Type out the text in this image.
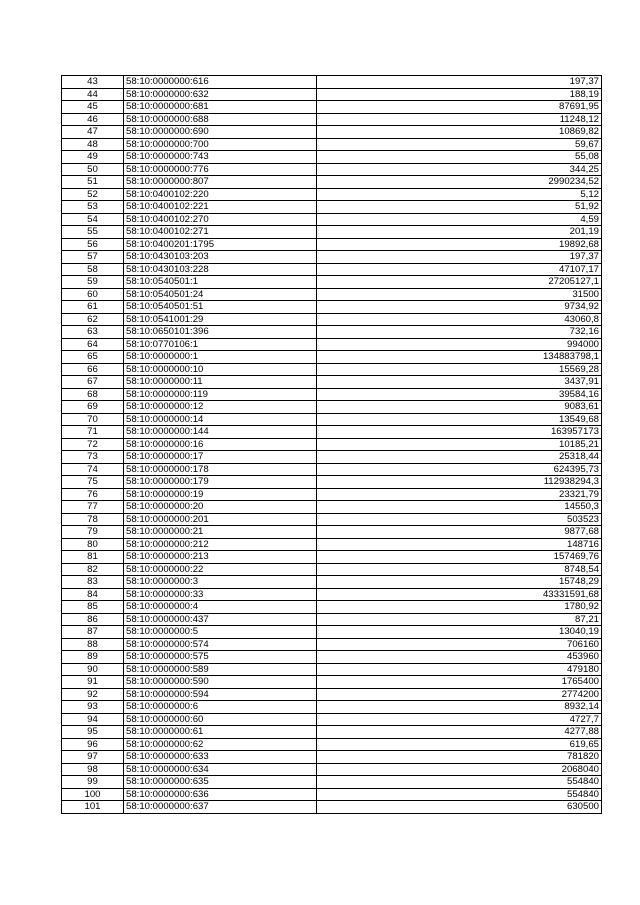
43	58:10:0000000:616	197,37
44	58:10:0000000:632	188,19
45	58:10:0000000:681	87691,95
46	58:10:0000000:688	11248,12
47	58:10:0000000:690	10869,82
48	58:10:0000000:700	59,67
49	58:10:0000000:743	55,08
50	58:10:0000000:776	344,25
51	58:10:0000000:807	2990234,52
52	58:10:0400102:220	5,12
53	58:10:0400102:221	51,92
54	58:10:0400102:270	4,59
55	58:10:0400102:271	201,19
56	58:10:0400201:1795	19892,68
57	58:10:0430103:203	197,37
58	58:10:0430103:228	47107,17
59	58:10:0540501:1	27205127,1
60	58:10:0540501:24	31500
61	58:10:0540501:51	9734,92
62	58:10:0541001:29	43060,8
63	58:10:0650101:396	732,16
64	58:10:0770106:1	994000
65	58:10:0000000:1	134883798,1
66	58:10:0000000:10	15569,28
67	58:10:0000000:11	3437,91
68	58:10:0000000:119	39584,16
69	58:10:0000000:12	9083,61
70	58:10:0000000:14	13549,68
71	58:10:0000000:144	163957173
72	58:10:0000000:16	10185,21
73	58:10:0000000:17	25318,44
74	58:10:0000000:178	624395,73
75	58:10:0000000:179	112938294,3
76	58:10:0000000:19	23321,79
77	58:10:0000000:20	14550,3
78	58:10:0000000:201	503523
79	58:10:0000000:21	9877,68
80	58:10:0000000:212	148716
81	58:10:0000000:213	157469,76
82	58:10:0000000:22	8748,54
83	58:10:0000000:3	15748,29
84	58:10:0000000:33	43331591,68
85	58:10:0000000:4	1780,92
86	58:10:0000000:437	87,21
87	58:10:0000000:5	13040,19
88	58:10:0000000:574	706160
89	58:10:0000000:575	453960
90	58:10:0000000:589	479180
91	58:10:0000000:590	1765400
92	58:10:0000000:594	2774200
93	58:10:0000000:6	8932,14
94	58:10:0000000:60	4727,7
95	58:10:0000000:61	4277,88
96	58:10:0000000:62	619,65
97	58:10:0000000:633	781820
98	58:10:0000000:634	2068040
99	58:10:0000000:635	554840
100	58:10:0000000:636	554840
101	58:10:0000000:637	630500
